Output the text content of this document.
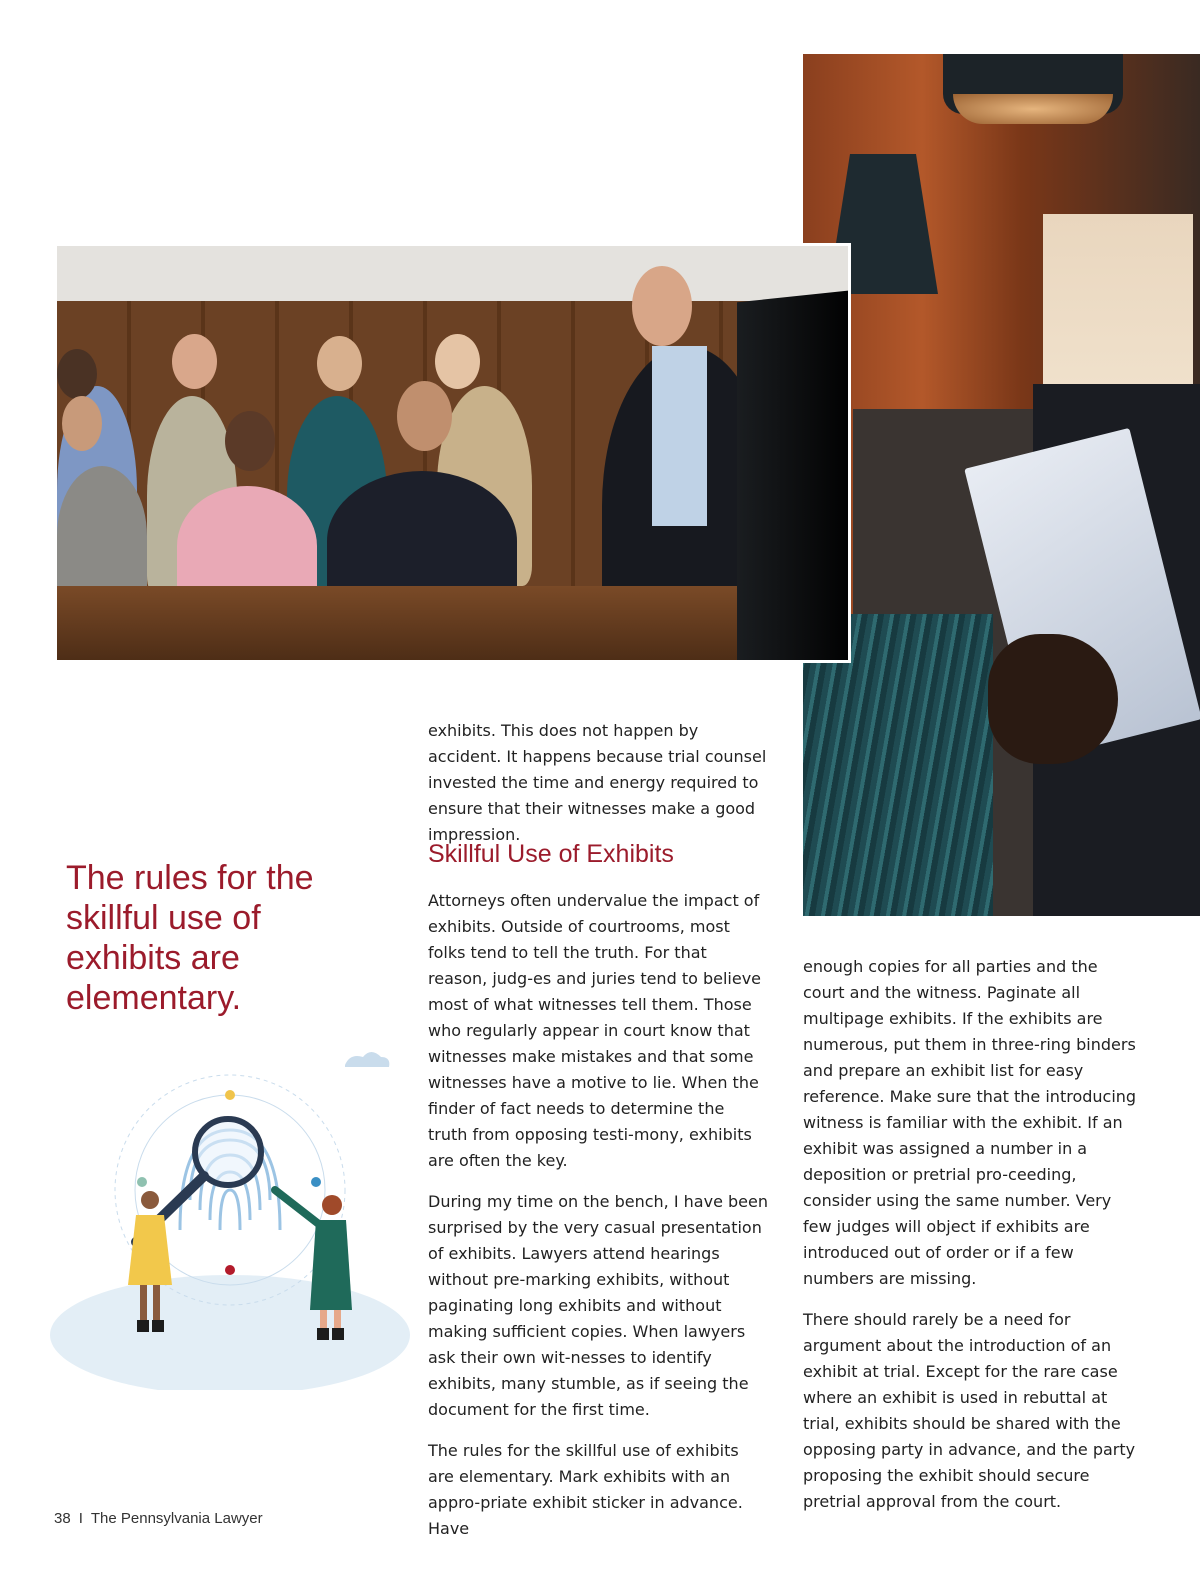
The rules for the skillful use of exhibits are elementary.

exhibits. This does not happen by accident. It happens because trial counsel invested the time and energy required to ensure that their witnesses make a good impression.

Skillful Use of Exhibits

Attorneys often undervalue the impact of exhibits. Outside of courtrooms, most folks tend to tell the truth. For that reason, judg-es and juries tend to believe most of what witnesses tell them. Those who regularly appear in court know that witnesses make mistakes and that some witnesses have a motive to lie. When the finder of fact needs to determine the truth from opposing testi-mony, exhibits are often the key.

During my time on the bench, I have been surprised by the very casual presentation of exhibits. Lawyers attend hearings without pre-marking exhibits, without paginating long exhibits and without making sufficient copies. When lawyers ask their own wit-nesses to identify exhibits, many stumble, as if seeing the document for the first time.

The rules for the skillful use of exhibits are elementary. Mark exhibits with an appro-priate exhibit sticker in advance. Have

enough copies for all parties and the court and the witness. Paginate all multipage exhibits. If the exhibits are numerous, put them in three-ring binders and prepare an exhibit list for easy reference. Make sure that the introducing witness is familiar with the exhibit. If an exhibit was assigned a number in a deposition or pretrial pro-ceeding, consider using the same number. Very few judges will object if exhibits are introduced out of order or if a few numbers are missing.

There should rarely be a need for argument about the introduction of an exhibit at trial. Except for the rare case where an exhibit is used in rebuttal at trial, exhibits should be shared with the opposing party in advance, and the party proposing the exhibit should secure pretrial approval from the court.

38 I The Pennsylvania Lawyer
